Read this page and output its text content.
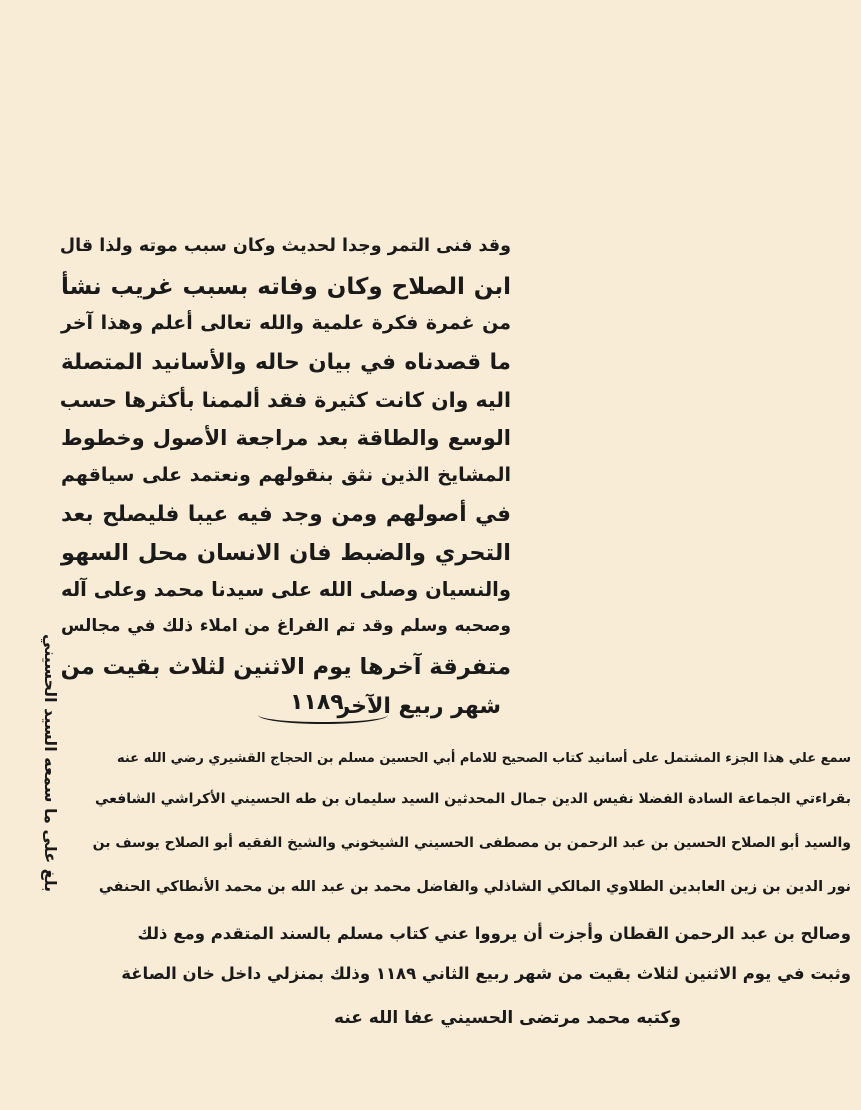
وقد فنى التمر وجدا لحديث وكان سبب موته ولذا قال
ابن الصلاح وكان وفاته بسبب غريب نشأ
من غمرة فكرة علمية والله تعالى أعلم وهذا آخر
ما قصدناه في بيان حاله والأسانيد المتصلة
اليه وان كانت كثيرة فقد ألممنا بأكثرها حسب
الوسع والطاقة بعد مراجعة الأصول وخطوط
المشايخ الذين نثق بنقولهم ونعتمد على سياقهم
في أصولهم ومن وجد فيه عيبا فليصلح بعد
التحري والضبط فان الانسان محل السهو
والنسيان وصلى الله على سيدنا محمد وعلى آله
وصحبه وسلم وقد تم الفراغ من املاء ذلك في مجالس
متفرقة آخرها يوم الاثنين لثلاث بقيت من
شهر ربيع الآخر
١١٨٩
سمع علي هذا الجزء المشتمل على أسانيد كتاب الصحيح للامام أبي الحسين مسلم بن الحجاج القشيري رضي الله عنه
بقراءتي الجماعة السادة الفضلا نفيس الدين جمال المحدثين السيد سليمان بن طه الحسيني الأكراشي الشافعي
والسيد أبو الصلاح الحسين بن عبد الرحمن بن مصطفى الحسيني الشيخوني والشيخ الفقيه أبو الصلاح يوسف بن
نور الدين بن زين العابدين الطلاوي المالكي الشاذلي والفاضل محمد بن عبد الله بن محمد الأنطاكي الحنفي
وصالح بن عبد الرحمن القطان وأجزت أن يرووا عني كتاب مسلم بالسند المتقدم ومع ذلك
وثبت في يوم الاثنين لثلاث بقيت من شهر ربيع الثاني ١١٨٩ وذلك بمنزلي داخل خان الصاغة
بلغ على ما سمعه السيد الحسيني
وكتبه محمد مرتضى الحسيني عفا الله عنه
